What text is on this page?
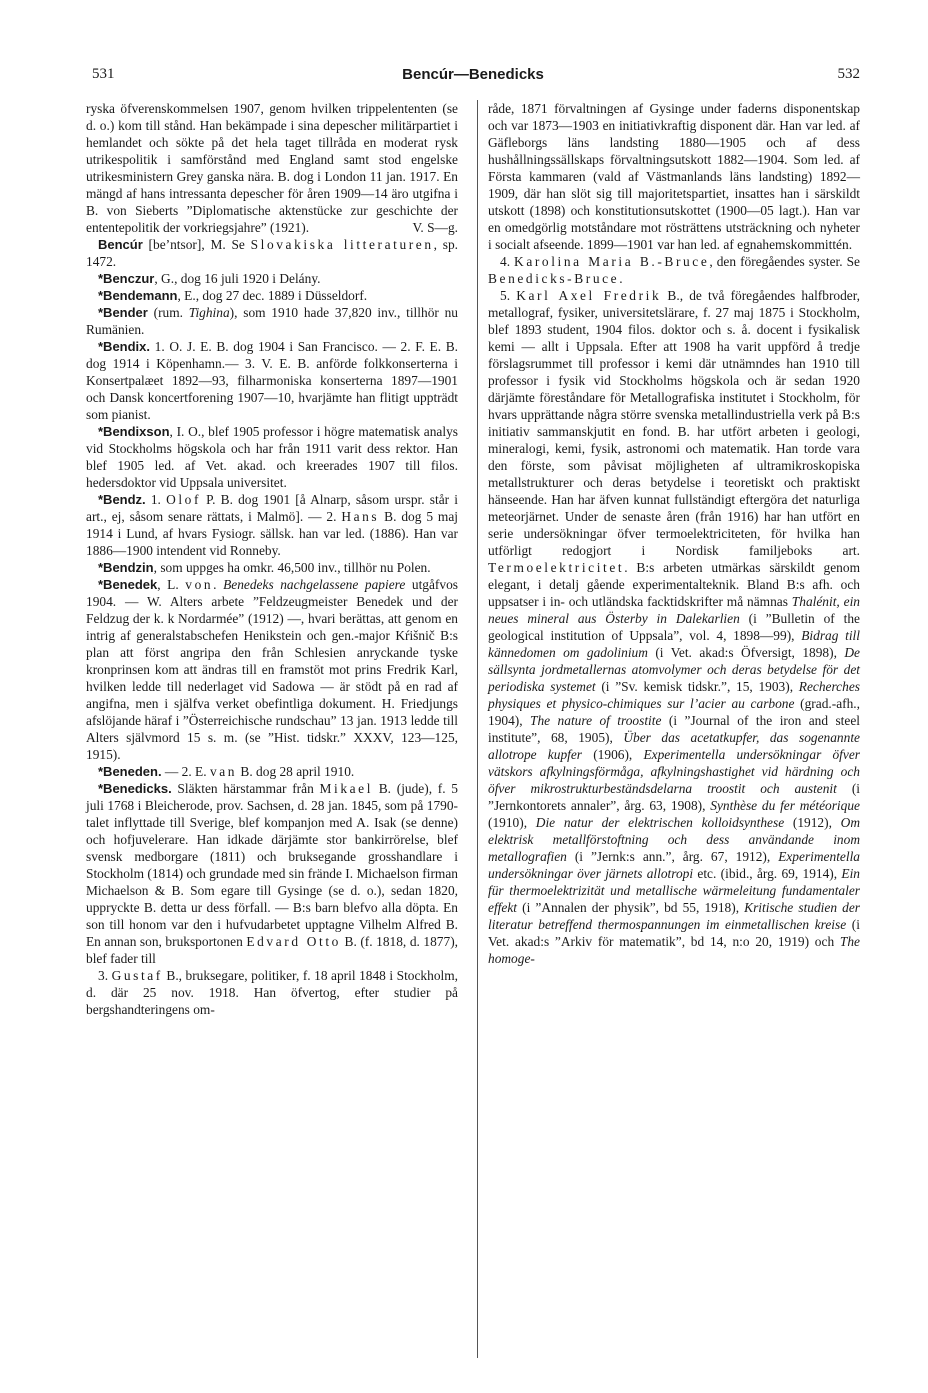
531	Bencúr—Benedicks	532

ryska öfverenskommelsen 1907, genom hvilken trippelententen (se d. o.) kom till stånd. Han bekämpade i sina depescher militärpartiet i hemlandet och sökte på det hela taget tillråda en moderat rysk utrikespolitik i samförstånd med England samt stod engelske utrikesministern Grey ganska nära. B. dog i London 11 jan. 1917. En mängd af hans intressanta depescher för åren 1909—14 äro utgifna i B. von Sieberts ”Diplomatische aktenstücke zur geschichte der ententepolitik der vorkriegsjahre” (1921).	V. S—g.

Bencúr [be’ntsor], M. Se Slovakiska litteraturen, sp. 1472.

*Benczur, G., dog 16 juli 1920 i Delány.

*Bendemann, E., dog 27 dec. 1889 i Düsseldorf.

*Bender (rum. Tighina), som 1910 hade 37,820 inv., tillhör nu Rumänien.

*Bendix. 1. O. J. E. B. dog 1904 i San Francisco. — 2. F. E. B. dog 1914 i Köpenhamn.— 3. V. E. B. anförde folkkonserterna i Konsertpalæet 1892—93, filharmoniska konserterna 1897—1901 och Dansk koncertforening 1907—10, hvarjämte han flitigt uppträdt som pianist.

*Bendixson, I. O., blef 1905 professor i högre matematisk analys vid Stockholms högskola och har från 1911 varit dess rektor. Han blef 1905 led. af Vet. akad. och kreerades 1907 till filos. hedersdoktor vid Uppsala universitet.

*Bendz. 1. Olof P. B. dog 1901 [å Alnarp, såsom urspr. står i art., ej, såsom senare rättats, i Malmö]. — 2. Hans B. dog 5 maj 1914 i Lund, af hvars Fysiogr. sällsk. han var led. (1886). Han var 1886—1900 intendent vid Ronneby.

*Bendzin, som uppges ha omkr. 46,500 inv., tillhör nu Polen.

*Benedek, L. von. Benedeks nachgelassene papiere utgåfvos 1904. — W. Alters arbete ”Feldzeugmeister Benedek und der Feldzug der k. k Nordarmée” (1912) —, hvari berättas, att genom en intrig af generalstabschefen Henikstein och gen.-major Kŕišnič B:s plan att först angripa den från Schlesien anryckande tyske kronprinsen kom att ändras till en framstöt mot prins Fredrik Karl, hvilken ledde till nederlaget vid Sadowa — är stödt på en rad af angifna, men i själfva verket obefintliga dokument. H. Friedjungs afslöjande häraf i ”Österreichische rundschau” 13 jan. 1913 ledde till Alters självmord 15 s. m. (se ”Hist. tidskr.” XXXV, 123—125, 1915).

*Beneden. — 2. E. van B. dog 28 april 1910.

*Benedicks. Släkten härstammar från Mikael B. (jude), f. 5 juli 1768 i Bleicherode, prov. Sachsen, d. 28 jan. 1845, som på 1790-talet inflyttade till Sverige, blef kompanjon med A. Isak (se denne) och hofjuvelerare. Han idkade därjämte stor bankirrörelse, blef svensk medborgare (1811) och bruksegande grosshandlare i Stockholm (1814) och grundade med sin frände I. Michaelson firman Michaelson & B. Som egare till Gysinge (se d. o.), sedan 1820, uppryckte B. detta ur dess förfall. — B:s barn blefvo alla döpta. En son till honom var den i hufvudarbetet upptagne Vilhelm Alfred B. En annan son, bruksportonen Edvard Otto B. (f. 1818, d. 1877), blef fader till

3. Gustaf B., bruksegare, politiker, f. 18 april 1848 i Stockholm, d. där 25 nov. 1918. Han öfvertog, efter studier på bergshandteringens om-

råde, 1871 förvaltningen af Gysinge under faderns disponentskap och var 1873—1903 en initiativkraftig disponent där. Han var led. af Gäfleborgs läns landsting 1880—1905 och af dess hushållningssällskaps förvaltningsutskott 1882—1904. Som led. af Första kammaren (vald af Västmanlands läns landsting) 1892—1909, där han slöt sig till majoritetspartiet, insattes han i särskildt utskott (1898) och konstitutionsutskottet (1900—05 lagt.). Han var en omedgörlig motståndare mot rösträttens utsträckning och nyheter i socialt afseende. 1899—1901 var han led. af egnahemskommittén.

4. Karolina Maria B.-Bruce, den föregåendes syster. Se Benedicks-Bruce.

5. Karl Axel Fredrik B., de två föregåendes halfbroder, metallograf, fysiker, universitetslärare, f. 27 maj 1875 i Stockholm, blef 1893 student, 1904 filos. doktor och s. å. docent i fysikalisk kemi — allt i Uppsala. Efter att 1908 ha varit uppförd å tredje förslagsrummet till professor i kemi där utnämndes han 1910 till professor i fysik vid Stockholms högskola och är sedan 1920 därjämte föreståndare för Metallografiska institutet i Stockholm, för hvars upprättande några större svenska metallindustriella verk på B:s initiativ sammanskjutit en fond. B. har utfört arbeten i geologi, mineralogi, kemi, fysik, astronomi och matematik. Han torde vara den förste, som påvisat möjligheten af ultramikroskopiska metallstrukturer och deras betydelse i teoretiskt och praktiskt hänseende. Han har äfven kunnat fullständigt eftergöra det naturliga meteorjärnet. Under de senaste åren (från 1916) har han utfört en serie undersökningar öfver termoelektriciteten, för hvilka han utförligt redogjort i Nordisk familjeboks art. Termoelektricitet. B:s arbeten utmärkas särskildt genom elegant, i detalj gående experimentalteknik. Bland B:s afh. och uppsatser i in- och utländska facktidskrifter må nämnas Thalénit, ein neues mineral aus Österby in Dalekarlien (i ”Bulletin of the geological institution of Uppsala”, vol. 4, 1898—99), Bidrag till kännedomen om gadolinium (i Vet. akad:s Öfversigt, 1898), De sällsynta jordmetallernas atomvolymer och deras betydelse för det periodiska systemet (i ”Sv. kemisk tidskr.”, 15, 1903), Recherches physiques et physico-chimiques sur l’acier au carbone (grad.-afh., 1904), The nature of troostite (i ”Journal of the iron and steel institute”, 68, 1905), Über das acetatkupfer, das sogenannte allotrope kupfer (1906), Experimentella undersökningar öfver vätskors afkylningsförmåga, afkylningshastighet vid härdning och öfver mikrostrukturbeständsdelarna troostit och austenit (i ”Jernkontorets annaler”, årg. 63, 1908), Synthèse du fer météorique (1910), Die natur der elektrischen kolloidsynthese (1912), Om elektrisk metallförstoftning och dess användande inom metallografien (i ”Jernk:s ann.”, årg. 67, 1912), Experimentella undersökningar över järnets allotropi etc. (ibid., årg. 69, 1914), Ein für thermoelektrizität und metallische wärmeleitung fundamentaler effekt (i ”Annalen der physik”, bd 55, 1918), Kritische studien der literatur betreffend thermospannungen im einmetallischen kreise (i Vet. akad:s ”Arkiv för matematik”, bd 14, n:o 20, 1919) och The homoge-
